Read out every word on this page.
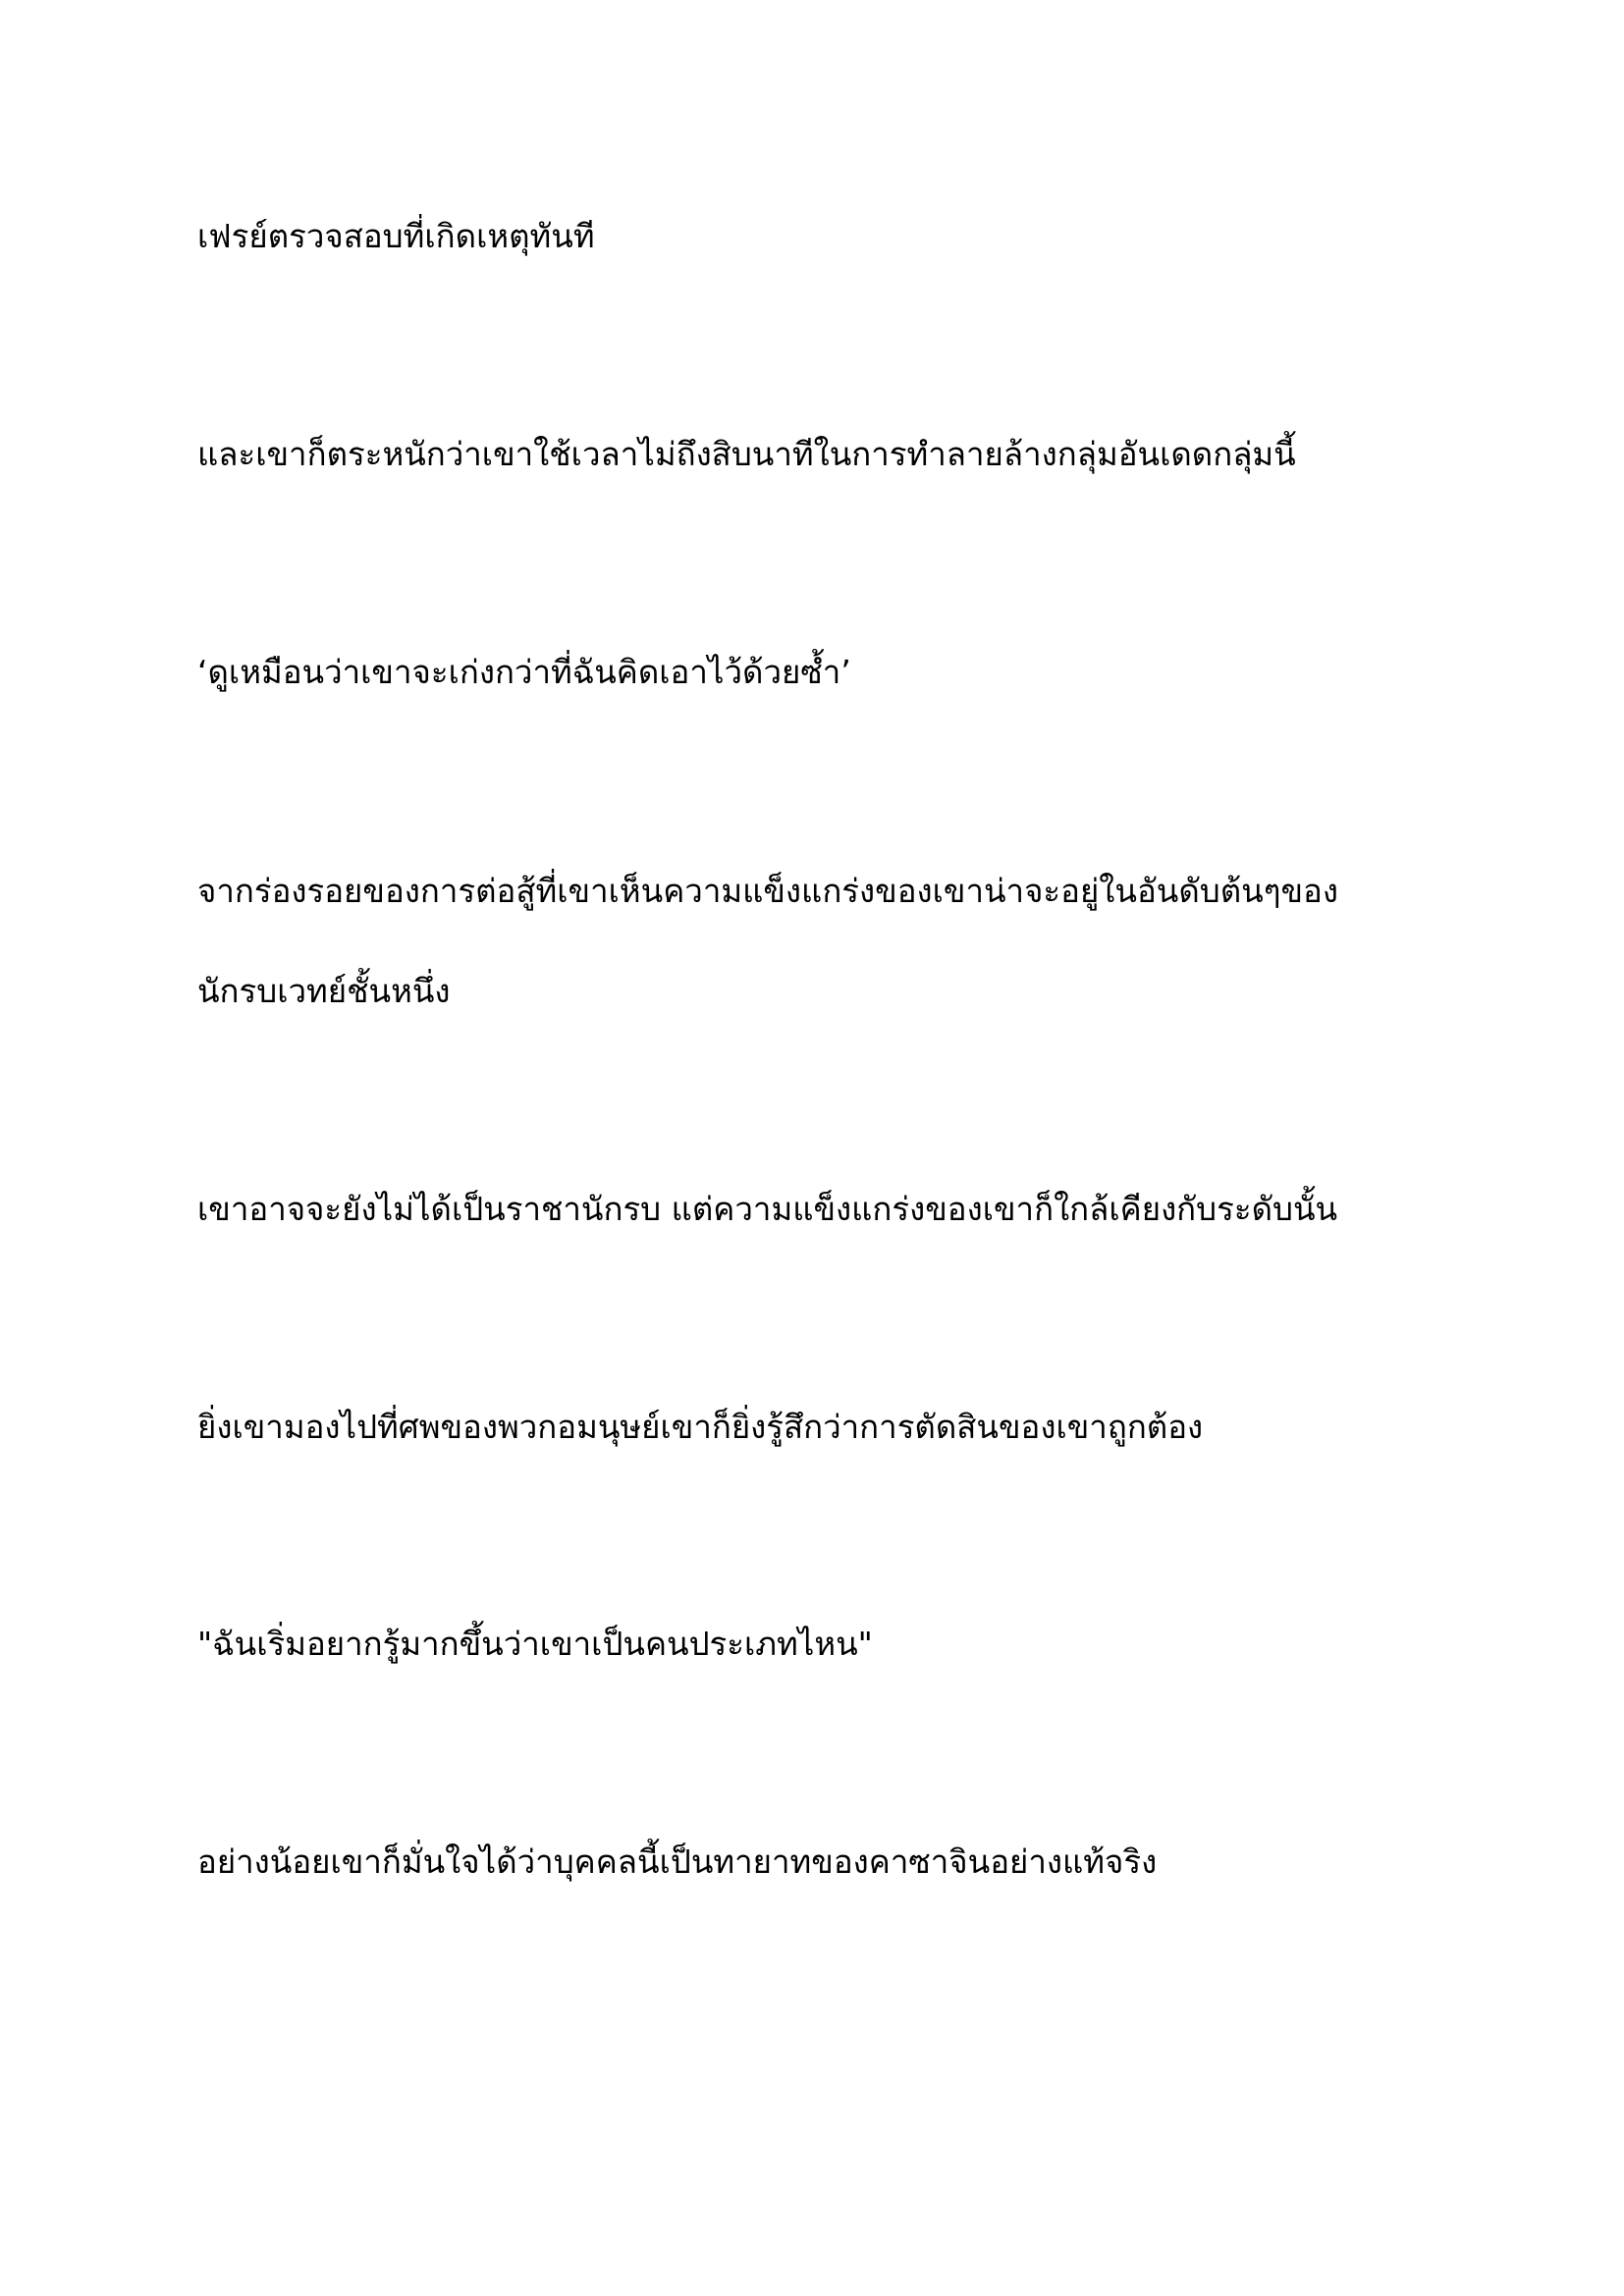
เฟรย์ตรวจสอบที่เกิดเหตุทันที

และเขาก็ตระหนักว่าเขาใช้เวลาไม่ถึงสิบนาทีในการทำลายล้างกลุ่มอันเดดกลุ่มนี้

‘ดูเหมือนว่าเขาจะเก่งกว่าที่ฉันคิดเอาไว้ด้วยซ้ำ’

จากร่องรอยของการต่อสู้ที่เขาเห็นความแข็งแกร่งของเขาน่าจะอยู่ในอันดับต้นๆของ
นักรบเวทย์ชั้นหนึ่ง

เขาอาจจะยังไม่ได้เป็นราชานักรบ แต่ความแข็งแกร่งของเขาก็ใกล้เคียงกับระดับนั้น

ยิ่งเขามองไปที่ศพของพวกอมนุษย์เขาก็ยิ่งรู้สึกว่าการตัดสินของเขาถูกต้อง

"ฉันเริ่มอยากรู้มากขึ้นว่าเขาเป็นคนประเภทไหน"

อย่างน้อยเขาก็มั่นใจได้ว่าบุคคลนี้เป็นทายาทของคาซาจินอย่างแท้จริง
